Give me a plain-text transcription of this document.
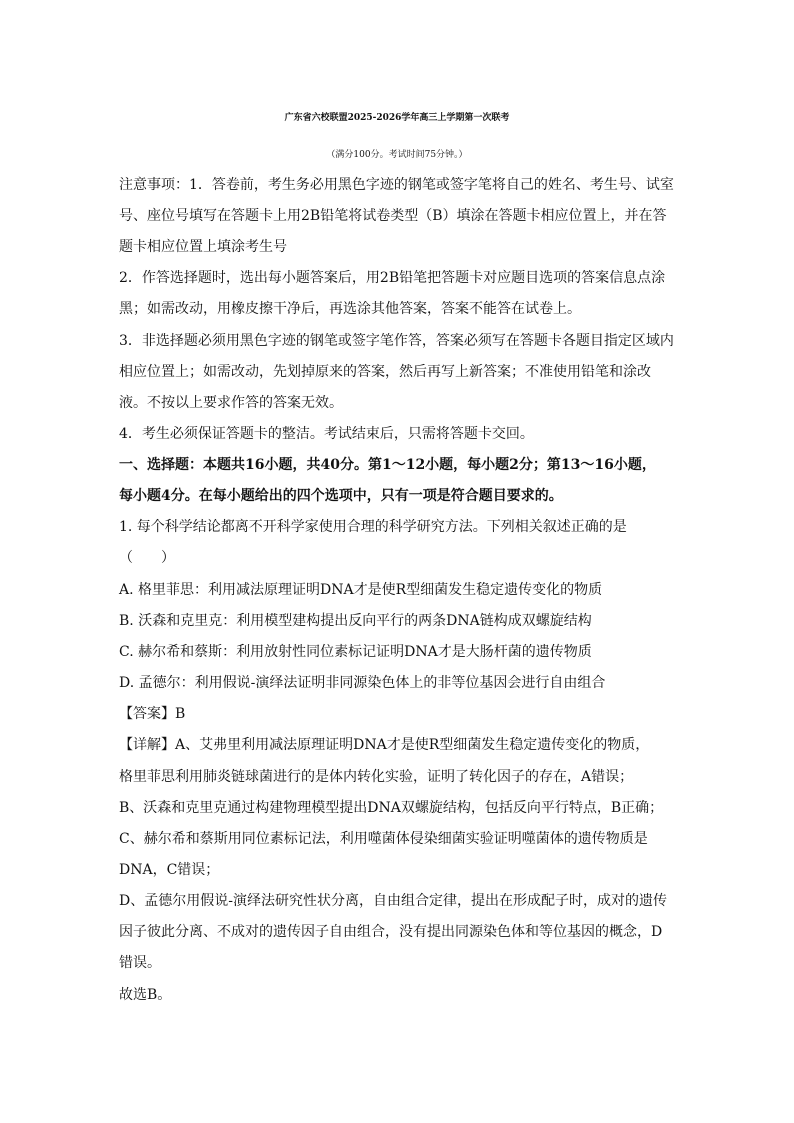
广东省六校联盟2025-2026学年高三上学期第一次联考
（满分100分。考试时间75分钟。）
注意事项：1．答卷前，考生务必用黑色字迹的钢笔或签字笔将自己的姓名、考生号、试室
号、座位号填写在答题卡上用2B铅笔将试卷类型（B）填涂在答题卡相应位置上，并在答
题卡相应位置上填涂考生号
2．作答选择题时，选出每小题答案后，用2B铅笔把答题卡对应题目选项的答案信息点涂
黑；如需改动，用橡皮擦干净后，再选涂其他答案，答案不能答在试卷上。
3．非选择题必须用黑色字迹的钢笔或签字笔作答，答案必须写在答题卡各题目指定区域内
相应位置上；如需改动，先划掉原来的答案，然后再写上新答案；不准使用铅笔和涂改
液。不按以上要求作答的答案无效。
4．考生必须保证答题卡的整洁。考试结束后，只需将答题卡交回。
一、选择题：本题共16小题，共40分。第1～12小题，每小题2分；第13～16小题，
每小题4分。在每小题给出的四个选项中，只有一项是符合题目要求的。
1. 每个科学结论都离不开科学家使用合理的科学研究方法。下列相关叙述正确的是
（　　）
A. 格里菲思：利用减法原理证明DNA才是使R型细菌发生稳定遗传变化的物质
B. 沃森和克里克：利用模型建构提出反向平行的两条DNA链构成双螺旋结构
C. 赫尔希和蔡斯：利用放射性同位素标记证明DNA才是大肠杆菌的遗传物质
D. 孟德尔：利用假说-演绎法证明非同源染色体上的非等位基因会进行自由组合
【答案】B
【详解】A、艾弗里利用减法原理证明DNA才是使R型细菌发生稳定遗传变化的物质，
格里菲思利用肺炎链球菌进行的是体内转化实验，证明了转化因子的存在，A错误；
B、沃森和克里克通过构建物理模型提出DNA双螺旋结构，包括反向平行特点，B正确；
C、赫尔希和蔡斯用同位素标记法，利用噬菌体侵染细菌实验证明噬菌体的遗传物质是
DNA，C错误；
D、孟德尔用假说-演绎法研究性状分离，自由组合定律，提出在形成配子时，成对的遗传
因子彼此分离、不成对的遗传因子自由组合，没有提出同源染色体和等位基因的概念，D
错误。
故选B。
